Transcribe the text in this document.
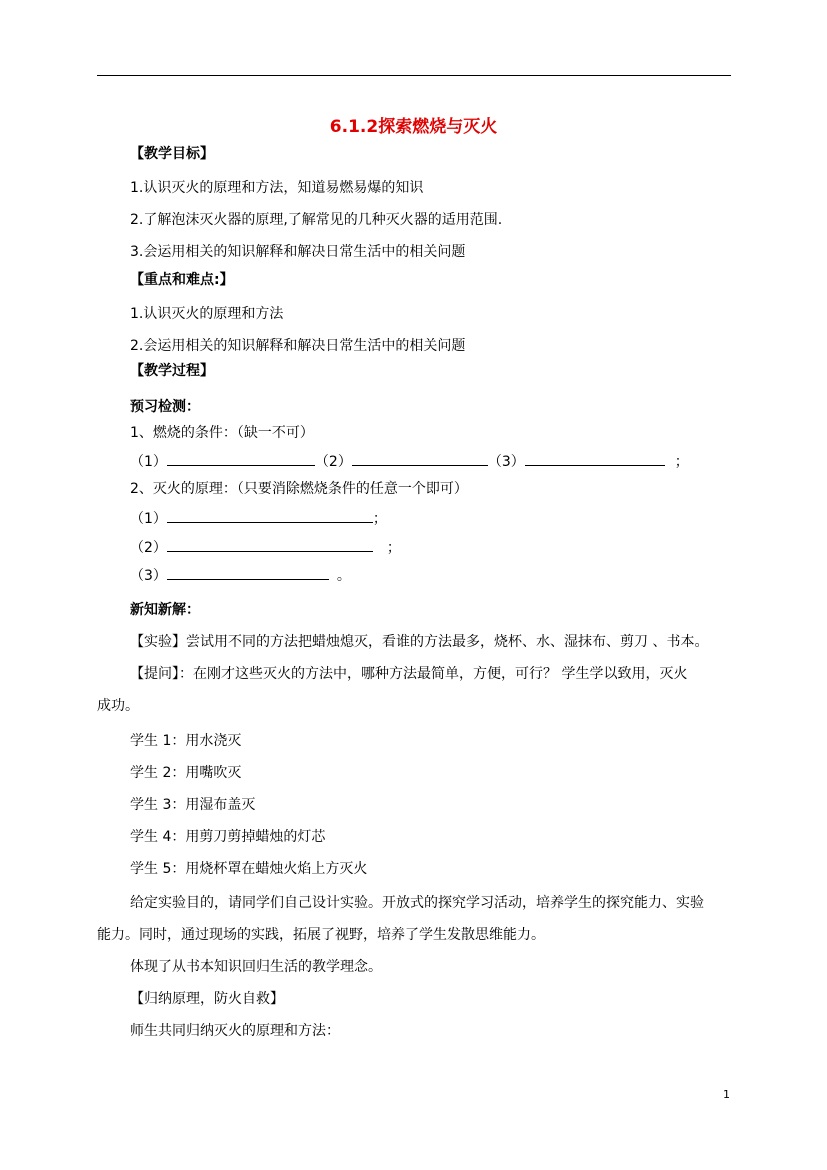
6.1.2探索燃烧与灭火
【教学目标】
1.认识灭火的原理和方法，知道易燃易爆的知识
2.了解泡沫灭火器的原理,了解常见的几种灭火器的适用范围.
3.会运用相关的知识解释和解决日常生活中的相关问题
【重点和难点:】
1.认识灭火的原理和方法
2.会运用相关的知识解释和解决日常生活中的相关问题
【教学过程】
预习检测：
1、燃烧的条件：（缺一不可）
（1）	（2）	（3）	；
2、灭火的原理：（只要消除燃烧条件的任意一个即可）
（1）	；
（2）	；
（3）	。
新知新解：
【实验】尝试用不同的方法把蜡烛熄灭，看谁的方法最多，烧杯、水、湿抹布、剪刀 、书本。
【提问】：在刚才这些灭火的方法中，哪种方法最简单，方便，可行？ 学生学以致用，灭火
成功。
学生 1：用水浇灭
学生 2：用嘴吹灭
学生 3：用湿布盖灭
学生 4：用剪刀剪掉蜡烛的灯芯
学生 5：用烧杯罩在蜡烛火焰上方灭火
给定实验目的，请同学们自己设计实验。开放式的探究学习活动，培养学生的探究能力、实验
能力。同时，通过现场的实践，拓展了视野，培养了学生发散思维能力。
体现了从书本知识回归生活的教学理念。
【归纳原理，防火自救】
师生共同归纳灭火的原理和方法：
1
